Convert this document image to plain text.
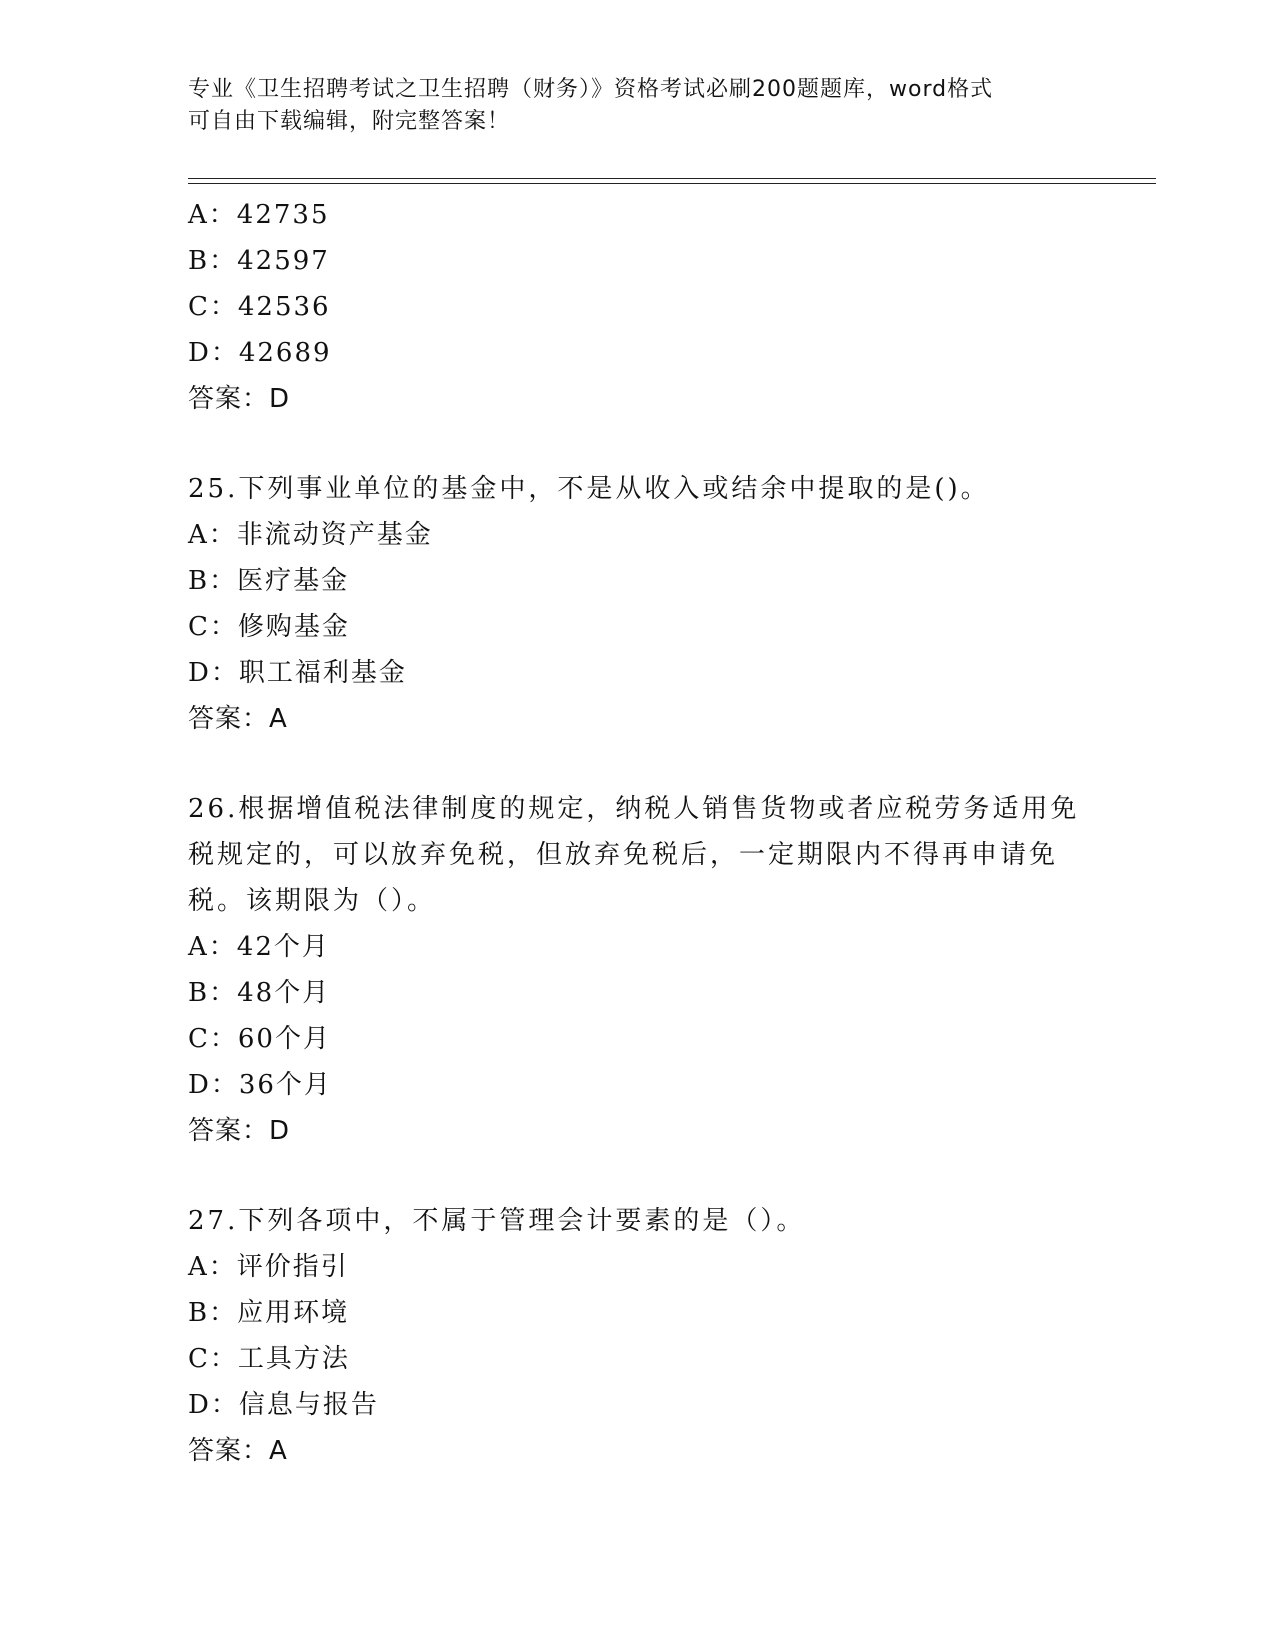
专业《卫生招聘考试之卫生招聘（财务）》资格考试必刷200题题库，word格式
可自由下载编辑，附完整答案！
A：42735
B：42597
C：42536
D：42689
答案：D
25.下列事业单位的基金中，不是从收入或结余中提取的是()。
A：非流动资产基金
B：医疗基金
C：修购基金
D：职工福利基金
答案：A
26.根据增值税法律制度的规定，纳税人销售货物或者应税劳务适用免
税规定的，可以放弃免税，但放弃免税后，一定期限内不得再申请免
税。该期限为（）。
A：42个月
B：48个月
C：60个月
D：36个月
答案：D
27.下列各项中，不属于管理会计要素的是（）。
A：评价指引
B：应用环境
C：工具方法
D：信息与报告
答案：A
